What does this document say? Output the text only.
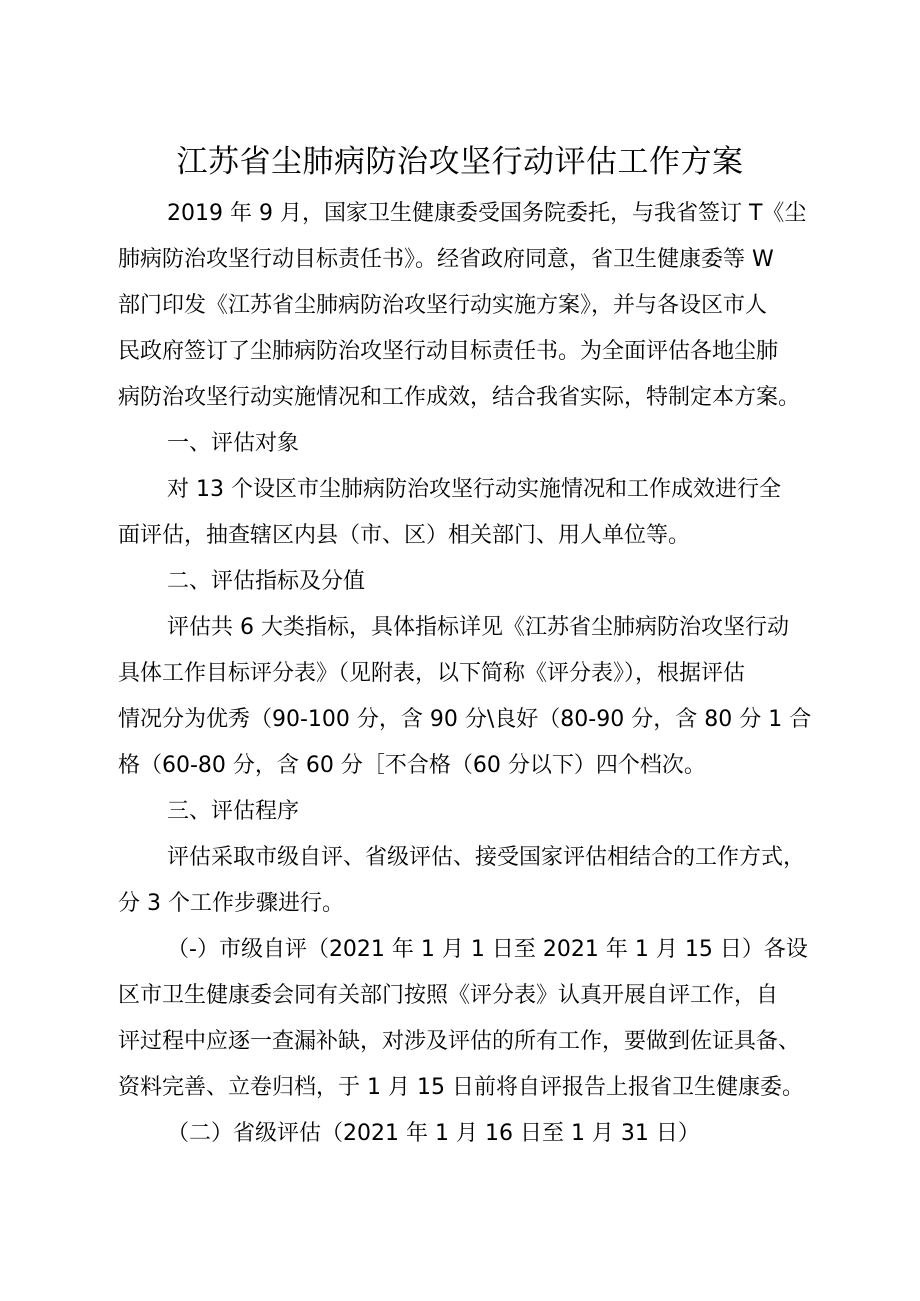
江苏省尘肺病防治攻坚行动评估工作方案
2019 年 9 月，国家卫生健康委受国务院委托，与我省签订 T《尘
肺病防治攻坚行动目标责任书》。经省政府同意，省卫生健康委等 W
部门印发《江苏省尘肺病防治攻坚行动实施方案》，并与各设区市人
民政府签订了尘肺病防治攻坚行动目标责任书。为全面评估各地尘肺
病防治攻坚行动实施情况和工作成效，结合我省实际，特制定本方案。
一、评估对象
对 13 个设区市尘肺病防治攻坚行动实施情况和工作成效进行全
面评估，抽查辖区内县（市、区）相关部门、用人单位等。
二、评估指标及分值
评估共 6 大类指标，具体指标详见《江苏省尘肺病防治攻坚行动
具体工作目标评分表》（见附表，以下简称《评分表》），根据评估
情况分为优秀（90-100 分，含 90 分\良好（80-90 分，含 80 分 1 合
格（60-80 分，含 60 分［不合格（60 分以下）四个档次。
三、评估程序
评估采取市级自评、省级评估、接受国家评估相结合的工作方式，
分 3 个工作步骤进行。
（-）市级自评（2021 年 1 月 1 日至 2021 年 1 月 15 日）各设
区市卫生健康委会同有关部门按照《评分表》认真开展自评工作，自
评过程中应逐一查漏补缺，对涉及评估的所有工作，要做到佐证具备、
资料完善、立卷归档，于 1 月 15 日前将自评报告上报省卫生健康委。
（二）省级评估（2021 年 1 月 16 日至 1 月 31 日）
